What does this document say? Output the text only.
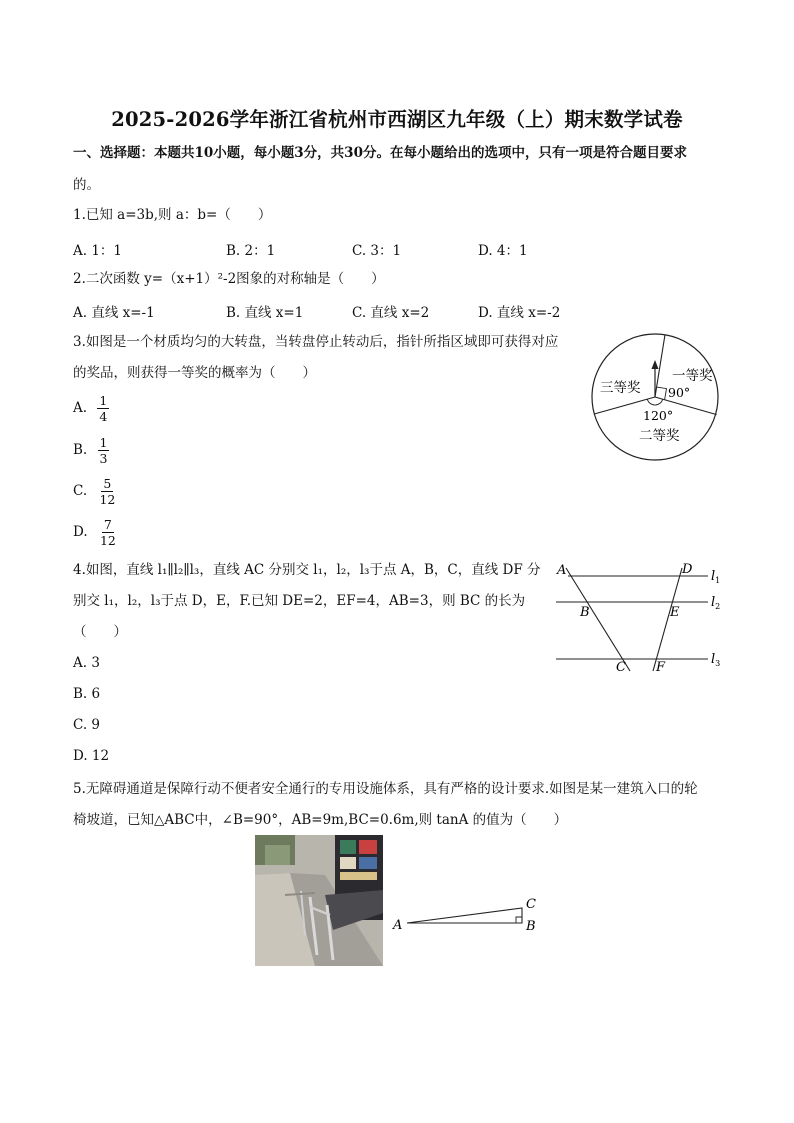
2025-2026学年浙江省杭州市西湖区九年级（上）期末数学试卷
一、选择题：本题共10小题，每小题3分，共30分。在每小题给出的选项中，只有一项是符合题目要求
的。
1.已知 a=3b,则 a：b=（　　）
A. 1：1	B. 2：1	C. 3：1	D. 4：1
2.二次函数 y=（x+1）²-2图象的对称轴是（　　）
A. 直线 x=-1	B. 直线 x=1	C. 直线 x=2	D. 直线 x=-2
3.如图是一个材质均匀的大转盘，当转盘停止转动后，指针所指区域即可获得对应
的奖品，则获得一等奖的概率为（　　）
A. $\frac{1}{4}$
B. $\frac{1}{3}$
C. $\frac{5}{12}$
D. $\frac{7}{12}$
一等奖
90°
三等奖
120°
二等奖
4.如图，直线 l₁∥l₂∥l₃，直线 AC 分别交 l₁，l₂，l₃于点 A，B，C，直线 DF 分
别交 l₁，l₂，l₃于点 D，E，F.已知 DE=2，EF=4，AB=3，则 BC 的长为
（　　）
A. 3
B. 6
C. 9
D. 12
A	D
B	E
C F
$l_1$
$l_2$
$l_3$
5.无障碍通道是保障行动不便者安全通行的专用设施体系，具有严格的设计要求.如图是某一建筑入口的轮
椅坡道，已知△ABC中，∠B=90°，AB=9m,BC=0.6m,则 tanA 的值为（　　）
A
C
B
